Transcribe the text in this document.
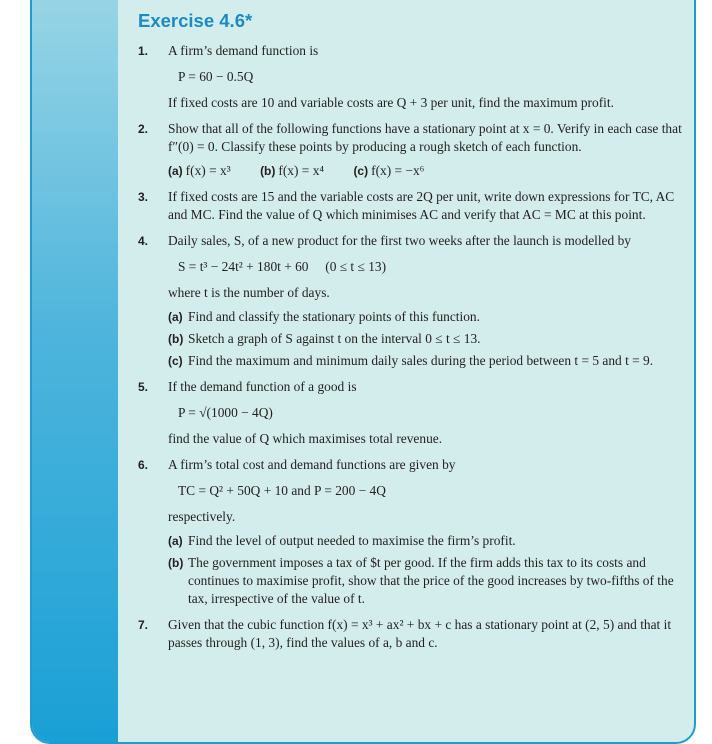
Exercise 4.6*
1. A firm’s demand function is
P = 60 − 0.5Q
If fixed costs are 10 and variable costs are Q + 3 per unit, find the maximum profit.
2. Show that all of the following functions have a stationary point at x = 0. Verify in each case that f″(0) = 0. Classify these points by producing a rough sketch of each function.
(a) f(x) = x³ (b) f(x) = x⁴ (c) f(x) = −x⁶
3. If fixed costs are 15 and the variable costs are 2Q per unit, write down expressions for TC, AC and MC. Find the value of Q which minimises AC and verify that AC = MC at this point.
4. Daily sales, S, of a new product for the first two weeks after the launch is modelled by
S = t³ − 24t² + 180t + 60     (0 ≤ t ≤ 13)
where t is the number of days.
(a) Find and classify the stationary points of this function.
(b) Sketch a graph of S against t on the interval 0 ≤ t ≤ 13.
(c) Find the maximum and minimum daily sales during the period between t = 5 and t = 9.
5. If the demand function of a good is
P = √(1000 − 4Q)
find the value of Q which maximises total revenue.
6. A firm’s total cost and demand functions are given by
TC = Q² + 50Q + 10 and P = 200 − 4Q
respectively.
(a) Find the level of output needed to maximise the firm’s profit.
(b) The government imposes a tax of $t per good. If the firm adds this tax to its costs and continues to maximise profit, show that the price of the good increases by two-fifths of the tax, irrespective of the value of t.
7. Given that the cubic function f(x) = x³ + ax² + bx + c has a stationary point at (2, 5) and that it passes through (1, 3), find the values of a, b and c.
